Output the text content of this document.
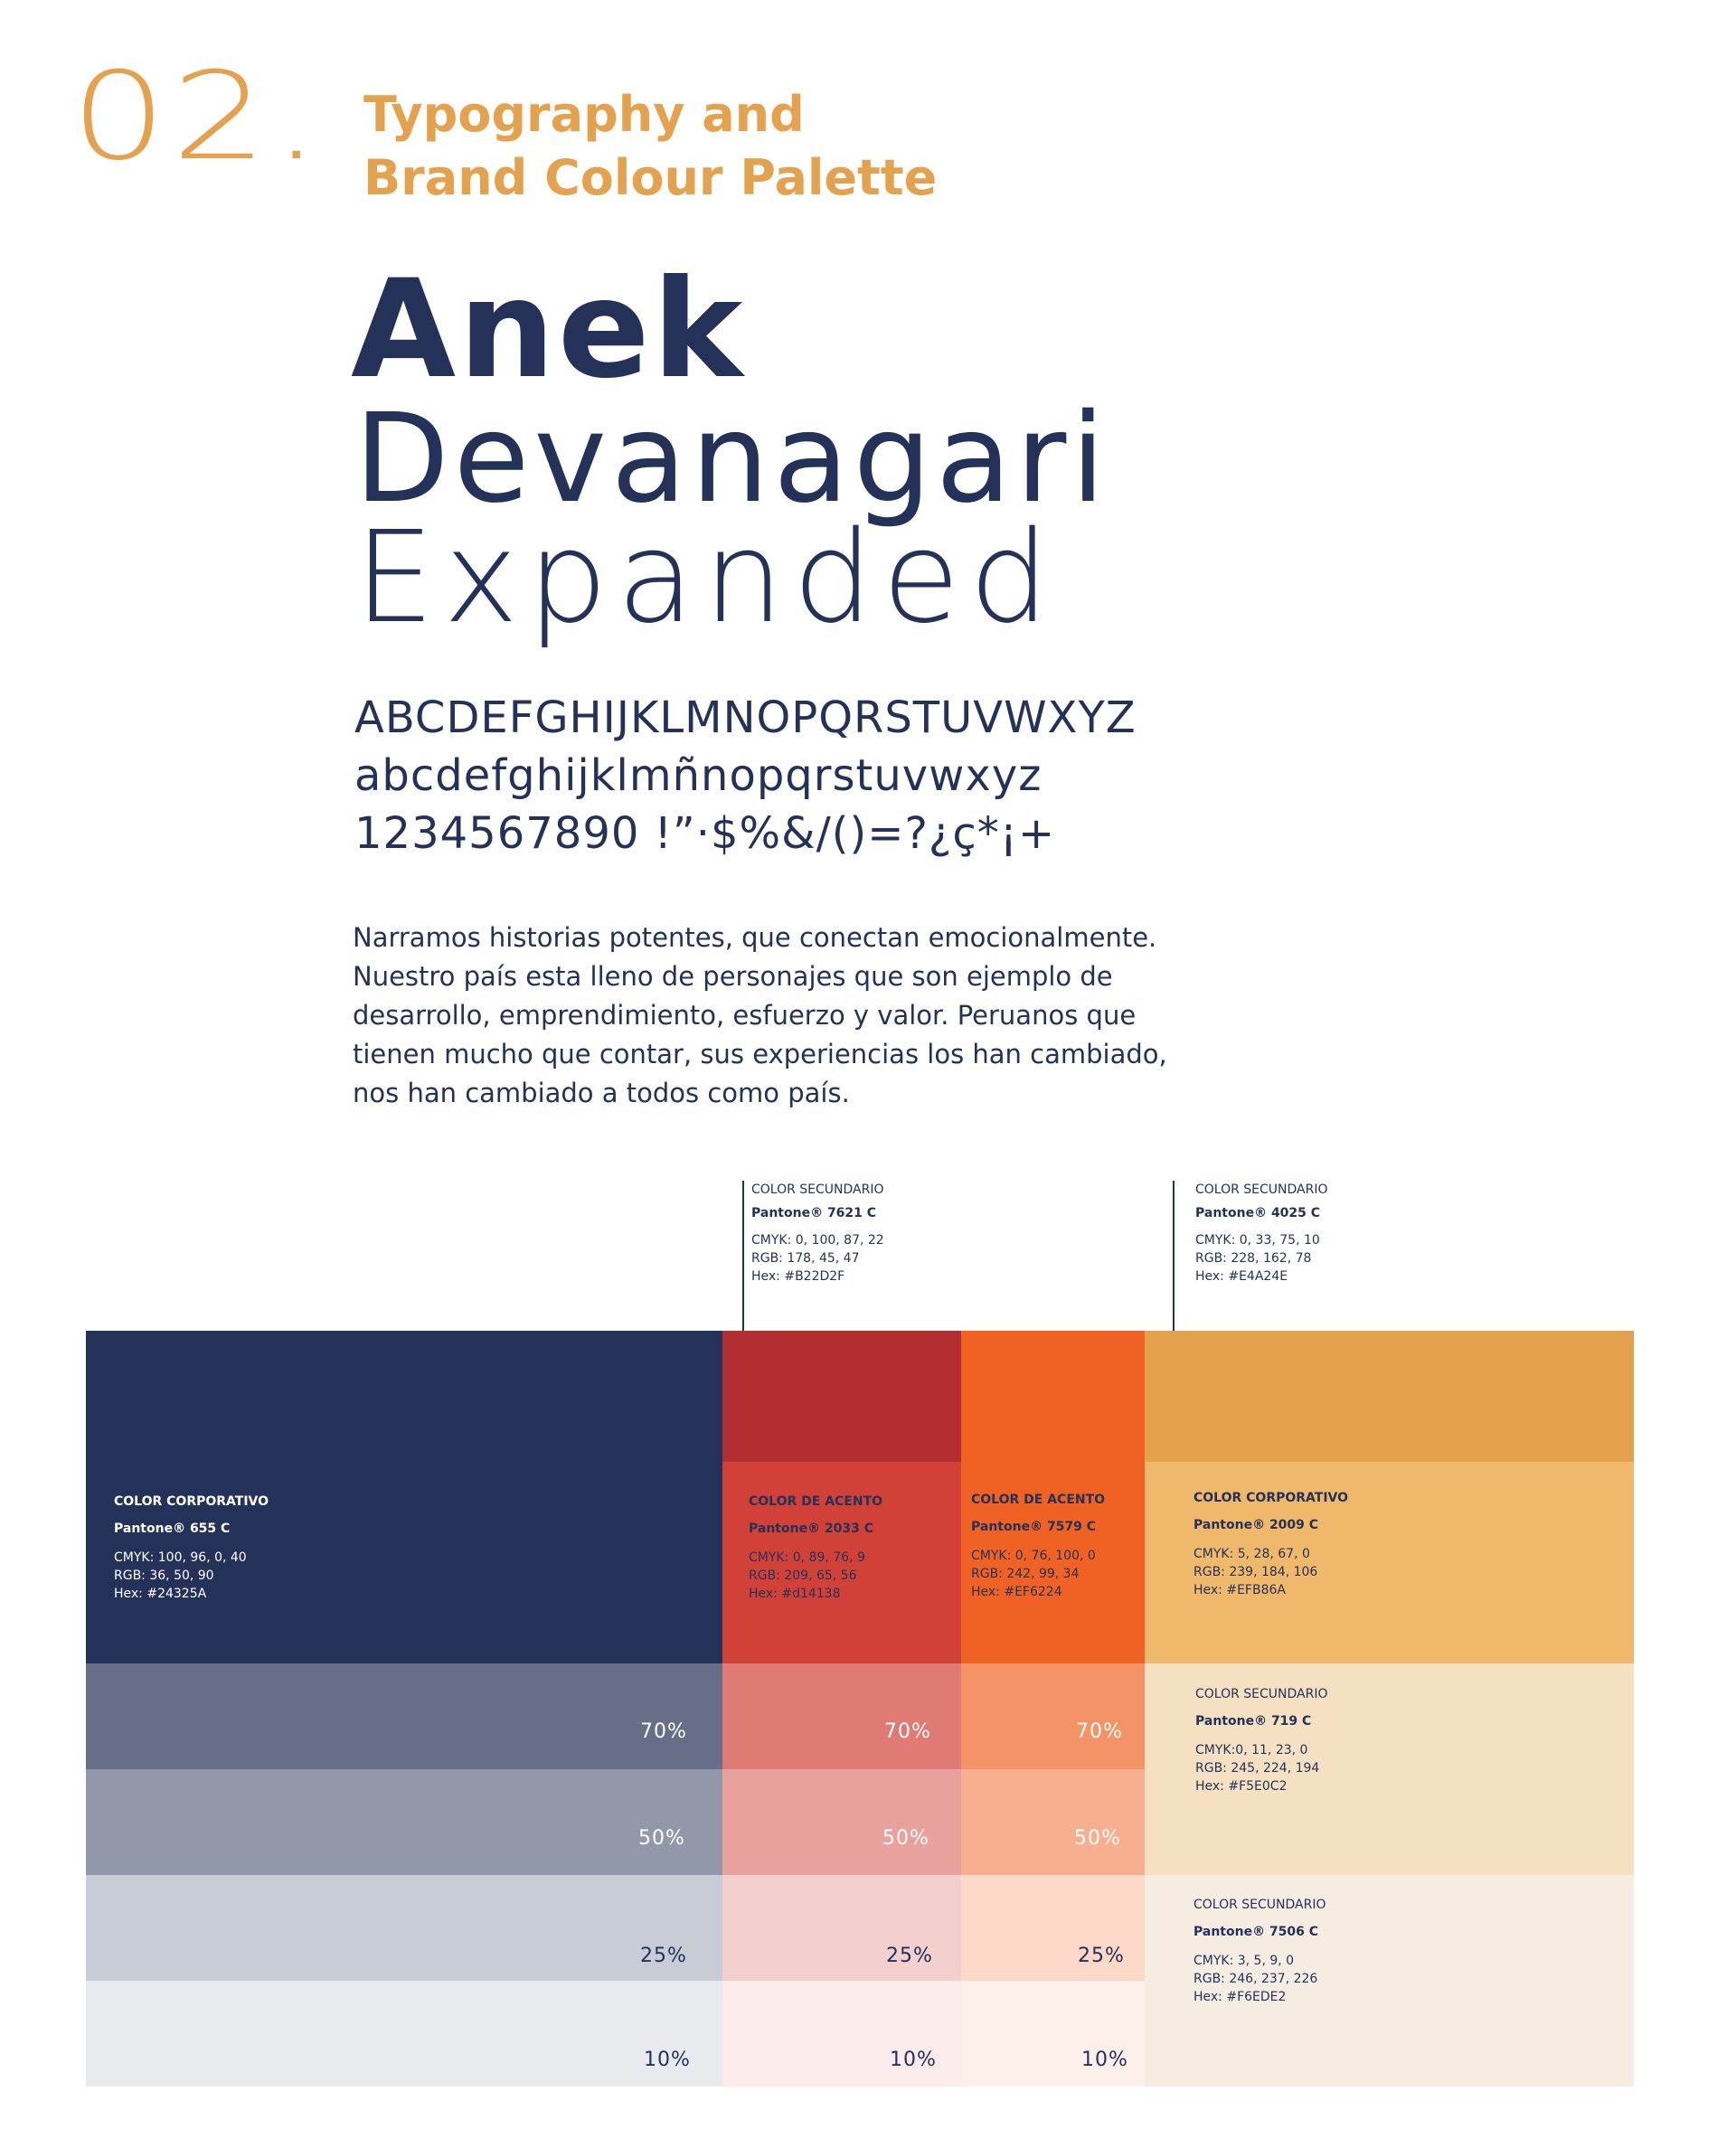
02. Typography and
Brand Colour Palette
Anek
Devanagari
Expanded
ABCDEFGHIJKLMNOPQRSTUVWXYZ
abcdefghijklmñnopqrstuvwxyz
1234567890 !”·$%&/()=?¿ç*¡+
Narramos historias potentes, que conectan emocionalmente.
Nuestro país esta lleno de personajes que son ejemplo de
desarrollo, emprendimiento, esfuerzo y valor. Peruanos que
tienen mucho que contar, sus experiencias los han cambiado,
nos han cambiado a todos como país.
COLOR SECUNDARIO
Pantone® 7621 C
CMYK: 0, 100, 87, 22
RGB: 178, 45, 47
Hex: #B22D2F
COLOR SECUNDARIO
Pantone® 4025 C
CMYK: 0, 33, 75, 10
RGB: 228, 162, 78
Hex: #E4A24E
COLOR CORPORATIVO
Pantone® 655 C
CMYK: 100, 96, 0, 40
RGB: 36, 50, 90
Hex: #24325A
COLOR DE ACENTO
Pantone® 2033 C
CMYK: 0, 89, 76, 9
RGB: 209, 65, 56
Hex: #d14138
COLOR DE ACENTO
Pantone® 7579 C
CMYK: 0, 76, 100, 0
RGB: 242, 99, 34
Hex: #EF6224
COLOR CORPORATIVO
Pantone® 2009 C
CMYK: 5, 28, 67, 0
RGB: 239, 184, 106
Hex: #EFB86A
COLOR SECUNDARIO
Pantone® 719 C
CMYK:0, 11, 23, 0
RGB: 245, 224, 194
Hex: #F5E0C2
COLOR SECUNDARIO
Pantone® 7506 C
CMYK: 3, 5, 9, 0
RGB: 246, 237, 226
Hex: #F6EDE2
70%
50%
25%
10%
70%
50%
25%
10%
70%
50%
25%
10%
